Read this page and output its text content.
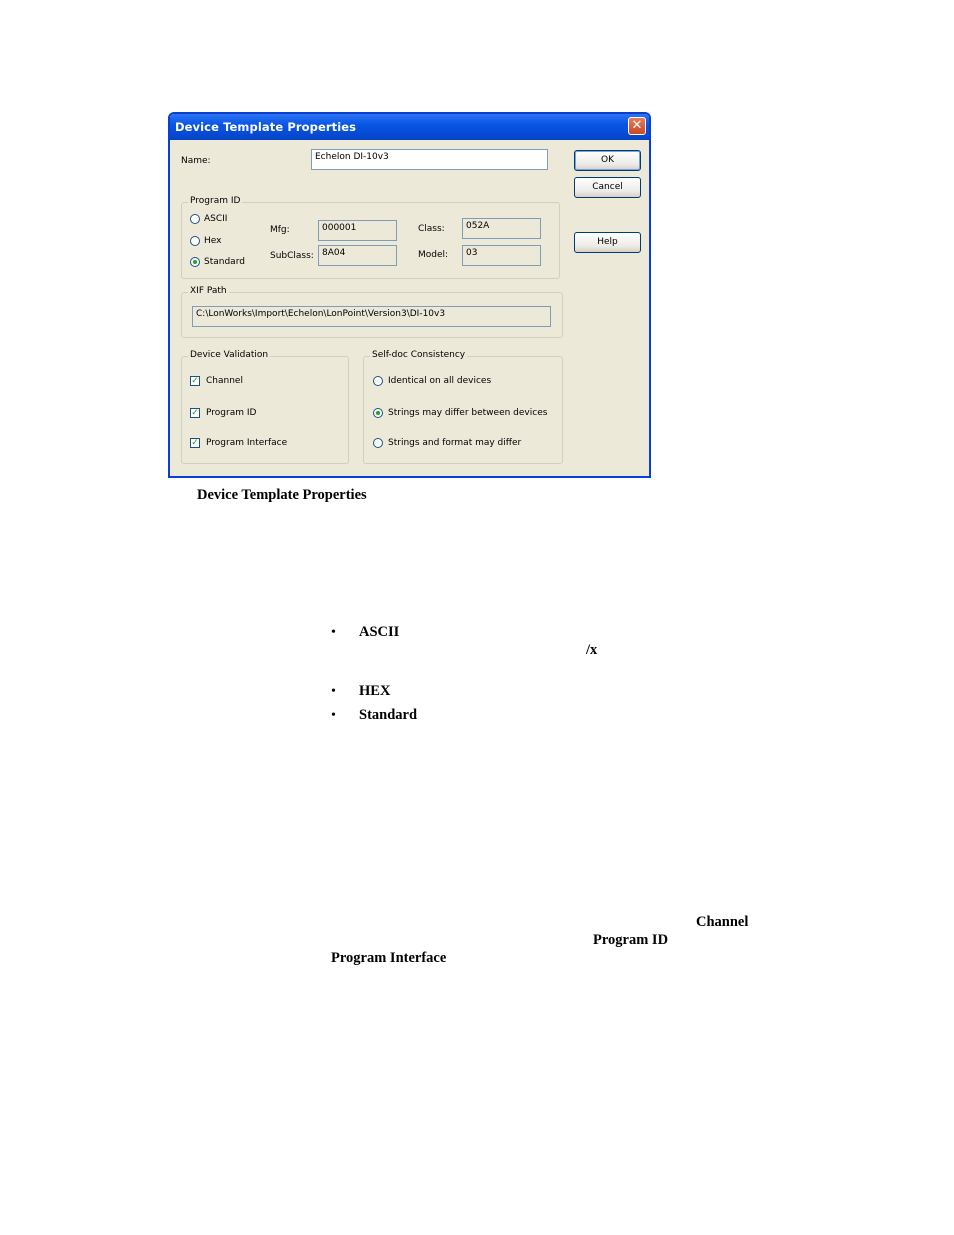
Device Template Properties	✕
Name:	Echelon DI-10v3	OK
Cancel
Help
Program ID
ASCII
Hex
Standard
Mfg:	000001	Class:	052A
SubClass: 8A04	Model:	03
XIF Path
C:\LonWorks\Import\Echelon\LonPoint\Version3\DI-10v3
Device Validation
✓ Channel
✓ Program ID
✓ Program Interface
Self-doc Consistency
Identical on all devices
Strings may differ between devices
Strings and format may differ
Device Template Properties
• ASCII
/x
• HEX
• Standard
Channel
Program ID
Program Interface
